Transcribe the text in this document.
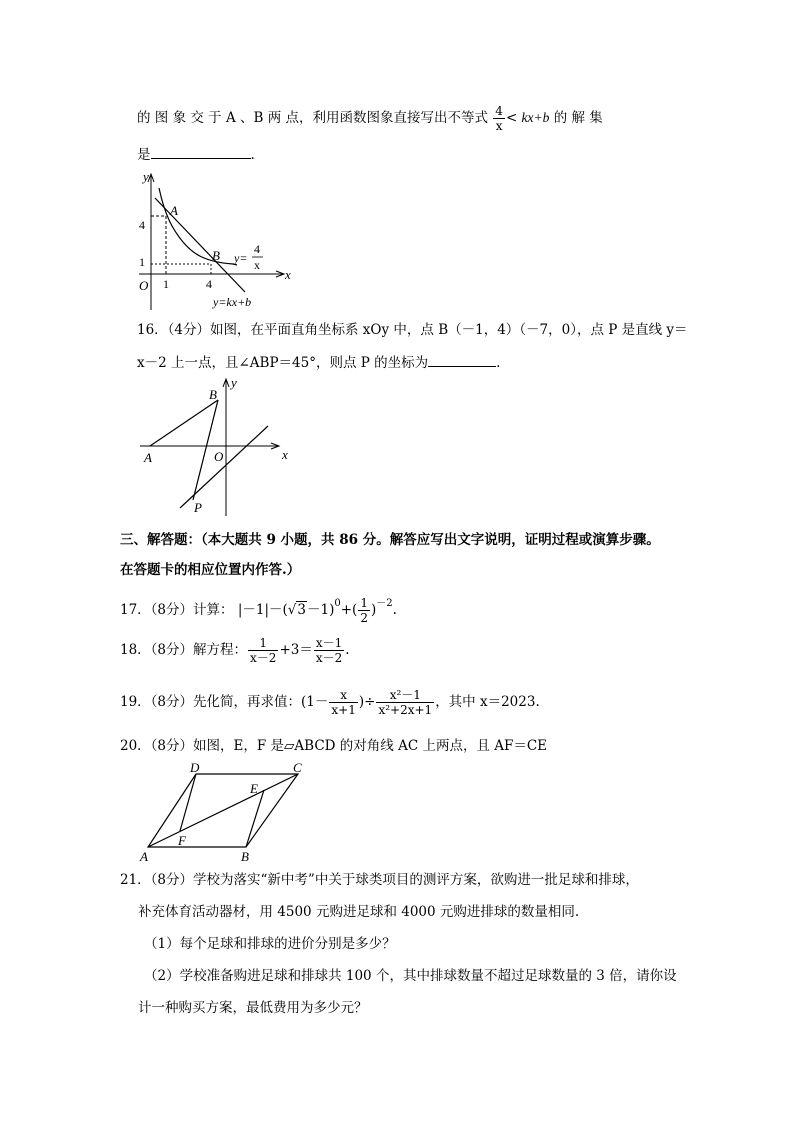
的 图 象 交 于 A 、B 两 点，利用函数图象直接写出不等式 $\frac{4}{x} < kx+b$ 的 解 集
是	.
y
x
O
4
1
1	4
A
B y=
4
x
y=kx+b
16．（4分）如图，在平面直角坐标系 xOy 中，点 B（－1，4）（－7，0），点 P 是直线 y＝
x－2 上一点，且∠ABP＝45°，则点 P 的坐标为	.
y
x
O
A
B
P
三、解答题：（本大题共 9 小题，共 86 分。解答应写出文字说明，证明过程或演算步骤。
在答题卡的相应位置内作答.）
17．（8分）计算： $|-1|-(√3-1)^0+( \frac{1}{2} )^{-2}$.
18．（8分）解方程： $\frac{1}{x-2} +3= \frac{x-1}{x-2}$ .
19．（8分）先化简，再求值：($1- \frac{x}{x+1}$ )÷ $\frac{\text{x²－1}}{\text{x²+2x+1}}$ ，其中 x＝2023.
20．（8分）如图，E，F 是▱ABCD 的对角线 AC 上两点，且 AF＝CE
A	B
C
D
E
F
21．（8分）学校为落实“新中考”中关于球类项目的测评方案，欲购进一批足球和排球，
补充体育活动器材，用 4500 元购进足球和 4000 元购进排球的数量相同.
（1）每个足球和排球的进价分别是多少？
（2）学校准备购进足球和排球共 100 个，其中排球数量不超过足球数量的 3 倍，请你设
计一种购买方案，最低费用为多少元？
